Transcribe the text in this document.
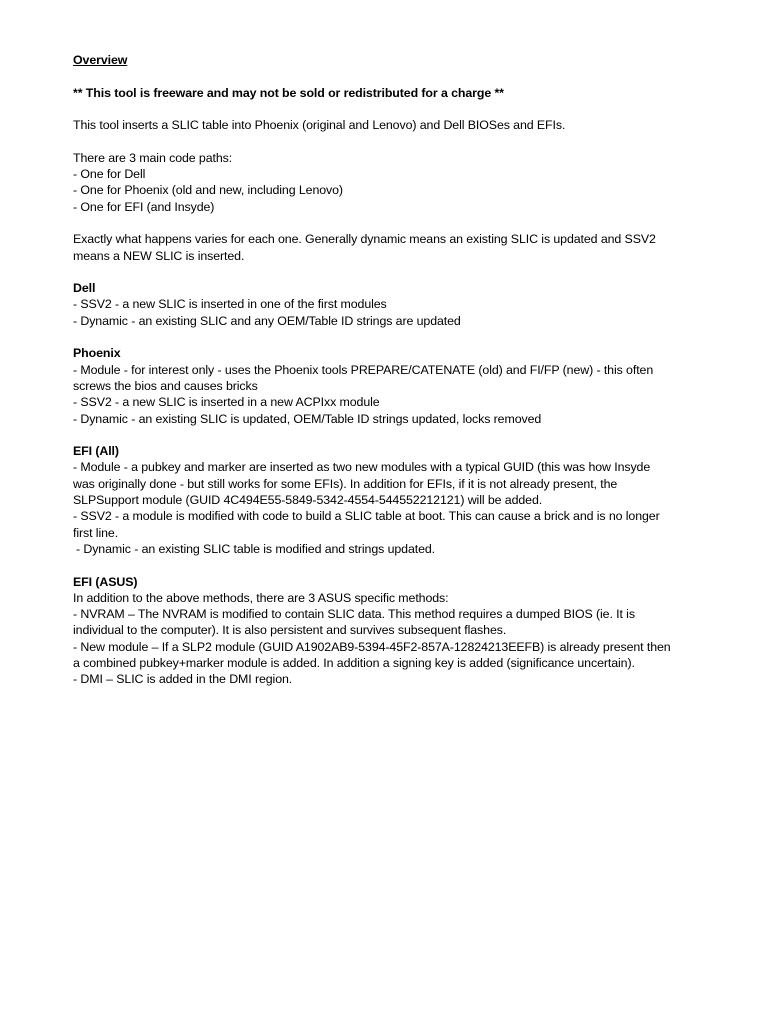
Overview
** This tool is freeware and may not be sold or redistributed for a charge **
This tool inserts a SLIC table into Phoenix (original and Lenovo) and Dell BIOSes and EFIs.
There are 3 main code paths:
- One for Dell
- One for Phoenix (old and new, including Lenovo)
- One for EFI (and Insyde)
Exactly what happens varies for each one. Generally dynamic means an existing SLIC is updated and SSV2
means a NEW SLIC is inserted.
Dell
- SSV2 - a new SLIC is inserted in one of the first modules
- Dynamic - an existing SLIC and any OEM/Table ID strings are updated
Phoenix
- Module - for interest only - uses the Phoenix tools PREPARE/CATENATE (old) and FI/FP (new) - this often
screws the bios and causes bricks
- SSV2 - a new SLIC is inserted in a new ACPIxx module
- Dynamic - an existing SLIC is updated, OEM/Table ID strings updated, locks removed
EFI (All)
- Module - a pubkey and marker are inserted as two new modules with a typical GUID (this was how Insyde
was originally done - but still works for some EFIs). In addition for EFIs, if it is not already present, the
SLPSupport module (GUID 4C494E55-5849-5342-4554-544552212121) will be added.
- SSV2 - a module is modified with code to build a SLIC table at boot. This can cause a brick and is no longer
first line.
- Dynamic - an existing SLIC table is modified and strings updated.
EFI (ASUS)
In addition to the above methods, there are 3 ASUS specific methods:
- NVRAM – The NVRAM is modified to contain SLIC data. This method requires a dumped BIOS (ie. It is
individual to the computer). It is also persistent and survives subsequent flashes.
- New module – If a SLP2 module (GUID A1902AB9-5394-45F2-857A-12824213EEFB) is already present then
a combined pubkey+marker module is added. In addition a signing key is added (significance uncertain).
- DMI – SLIC is added in the DMI region.
